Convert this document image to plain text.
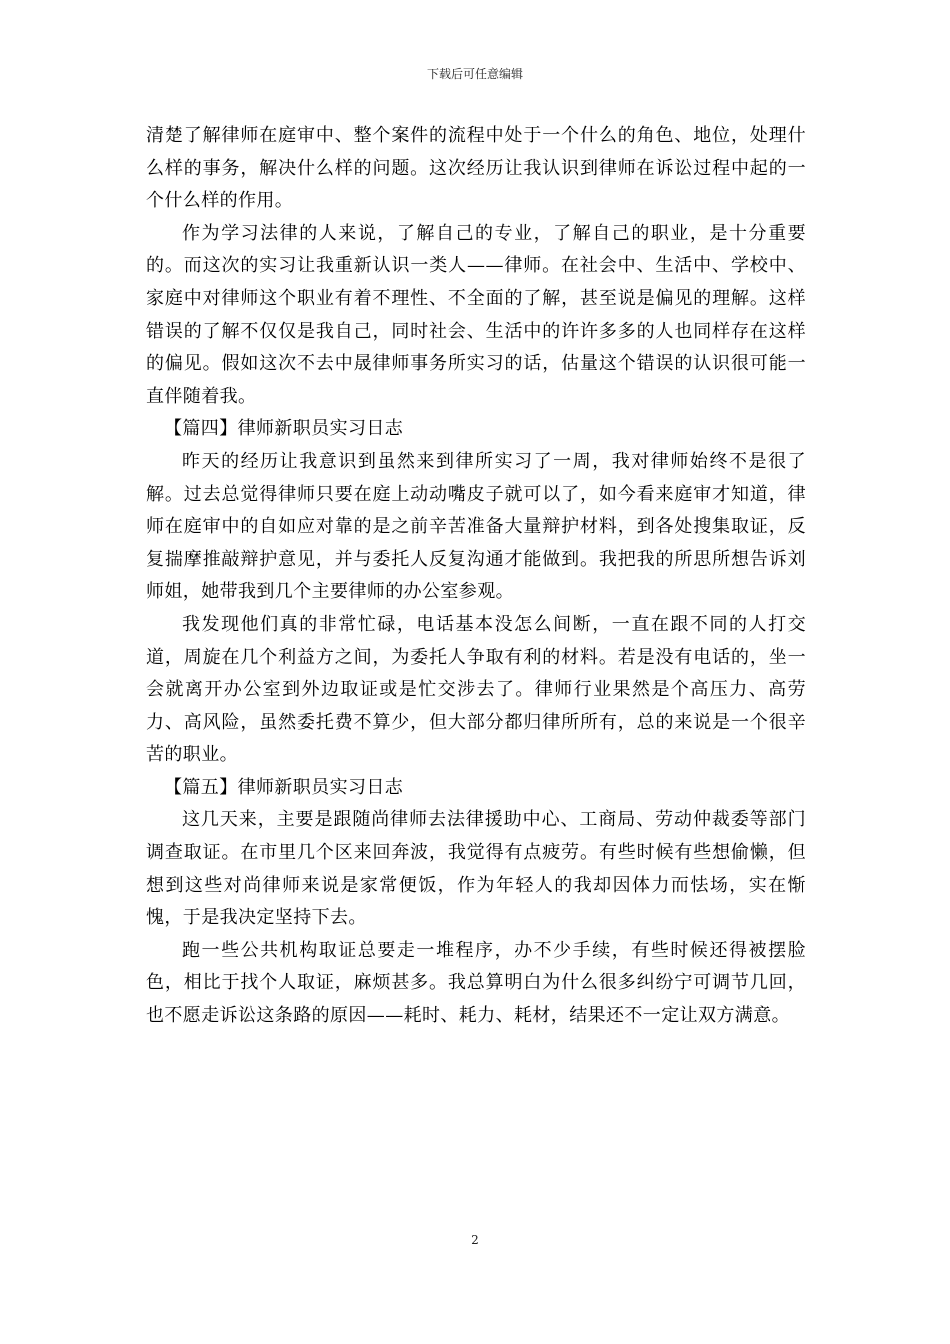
下载后可任意编辑

清楚了解律师在庭审中、整个案件的流程中处于一个什么的角色、地位，处理什么样的事务，解决什么样的问题。这次经历让我认识到律师在诉讼过程中起的一个什么样的作用。

作为学习法律的人来说，了解自己的专业，了解自己的职业，是十分重要的。而这次的实习让我重新认识一类人——律师。在社会中、生活中、学校中、家庭中对律师这个职业有着不理性、不全面的了解，甚至说是偏见的理解。这样错误的了解不仅仅是我自己，同时社会、生活中的许许多多的人也同样存在这样的偏见。假如这次不去中晟律师事务所实习的话，估量这个错误的认识很可能一直伴随着我。

【篇四】律师新职员实习日志

昨天的经历让我意识到虽然来到律所实习了一周，我对律师始终不是很了解。过去总觉得律师只要在庭上动动嘴皮子就可以了，如今看来庭审才知道，律师在庭审中的自如应对靠的是之前辛苦准备大量辩护材料，到各处搜集取证，反复揣摩推敲辩护意见，并与委托人反复沟通才能做到。我把我的所思所想告诉刘师姐，她带我到几个主要律师的办公室参观。

我发现他们真的非常忙碌，电话基本没怎么间断，一直在跟不同的人打交道，周旋在几个利益方之间，为委托人争取有利的材料。若是没有电话的，坐一会就离开办公室到外边取证或是忙交涉去了。律师行业果然是个高压力、高劳力、高风险，虽然委托费不算少，但大部分都归律所所有，总的来说是一个很辛苦的职业。

【篇五】律师新职员实习日志

这几天来，主要是跟随尚律师去法律援助中心、工商局、劳动仲裁委等部门调查取证。在市里几个区来回奔波，我觉得有点疲劳。有些时候有些想偷懒，但想到这些对尚律师来说是家常便饭，作为年轻人的我却因体力而怯场，实在惭愧，于是我决定坚持下去。

跑一些公共机构取证总要走一堆程序，办不少手续，有些时候还得被摆脸色，相比于找个人取证，麻烦甚多。我总算明白为什么很多纠纷宁可调节几回，也不愿走诉讼这条路的原因——耗时、耗力、耗材，结果还不一定让双方满意。

2
